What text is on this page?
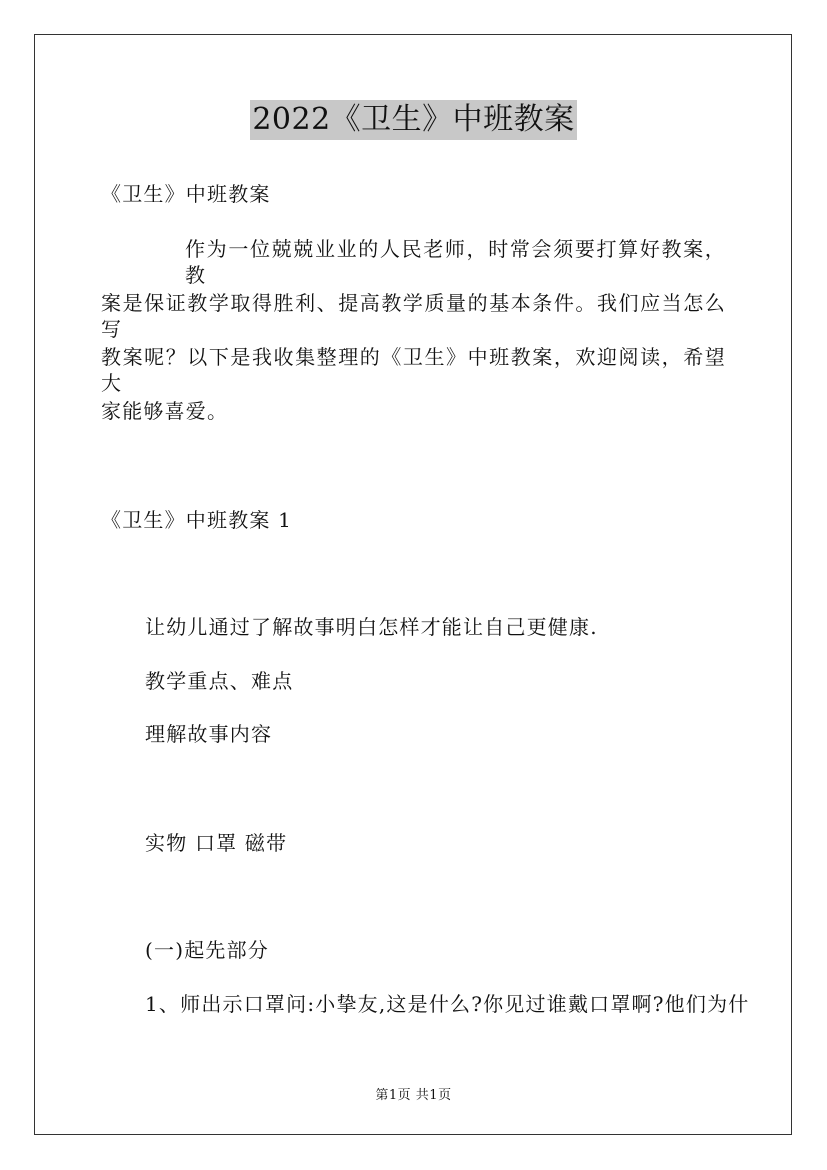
2022《卫生》中班教案
《卫生》中班教案
作为一位兢兢业业的人民老师，时常会须要打算好教案，教
案是保证教学取得胜利、提高教学质量的基本条件。我们应当怎么写
教案呢？以下是我收集整理的《卫生》中班教案，欢迎阅读，希望大
家能够喜爱。
《卫生》中班教案 1
让幼儿通过了解故事明白怎样才能让自己更健康.
教学重点、难点
理解故事内容
实物 口罩 磁带
(一)起先部分
1、师出示口罩问:小挚友,这是什么?你见过谁戴口罩啊?他们为什
第1页 共1页
